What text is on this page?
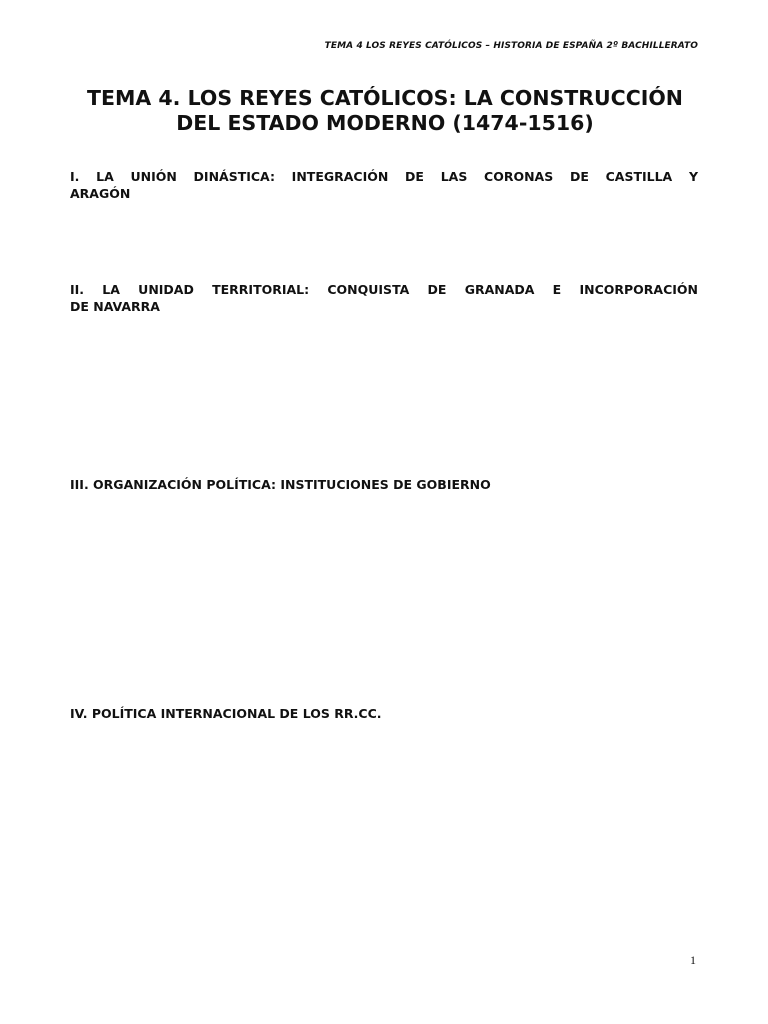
TEMA 4 LOS REYES CATÓLICOS – HISTORIA DE ESPAÑA 2º BACHILLERATO
TEMA 4. LOS REYES CATÓLICOS: LA CONSTRUCCIÓN
DEL ESTADO MODERNO (1474-1516)
I. LA UNIÓN DINÁSTICA: INTEGRACIÓN DE LAS CORONAS DE CASTILLA Y
ARAGÓN
II. LA UNIDAD TERRITORIAL: CONQUISTA DE GRANADA E INCORPORACIÓN
DE NAVARRA
III. ORGANIZACIÓN POLÍTICA: INSTITUCIONES DE GOBIERNO
IV. POLÍTICA INTERNACIONAL DE LOS RR.CC.
1
